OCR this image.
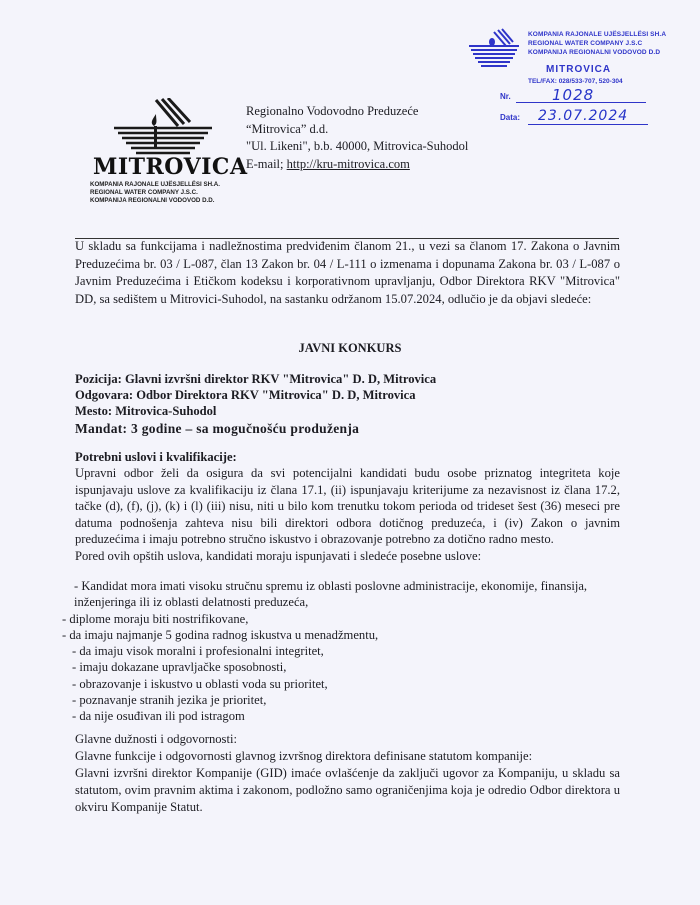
KOMPANIA RAJONALE UJËSJELLËSI SH.A
REGIONAL WATER COMPANY J.S.C
KOMPANIJA REGIONALNI VODOVOD D.D
MITROVICA
TEL/FAX: 028/533-707, 520-304
Nr.	1028
Data: 23.07.2024
MITROVICA
KOMPANIA RAJONALE UJËSJELLËSI SH.A.
REGIONAL WATER COMPANY J.S.C.
KOMPANIJA REGIONALNI VODOVOD D.D.
Regionalno Vodovodno Preduzeće
“Mitrovica” d.d.
"Ul. Likeni", b.b. 40000, Mitrovica-Suhodol
E-mail; http://kru-mitrovica.com
U skladu sa funkcijama i nadležnostima predviđenim članom 21., u vezi sa članom 17. Zakona o Javnim Preduzećima br. 03 / L-087, član 13 Zakon br. 04 / L-111 o izmenama i dopunama Zakona br. 03 / L-087 o Javnim Preduzećima i Etičkom kodeksu i korporativnom upravljanju, Odbor Direktora RKV "Mitrovica" DD, sa sedištem u Mitrovici-Suhodol, na sastanku održanom 15.07.2024, odlučio je da objavi sledeće:
JAVNI KONKURS
Pozicija: Glavni izvršni direktor RKV "Mitrovica" D. D, Mitrovica
Odgovara: Odbor Direktora RKV "Mitrovica" D. D, Mitrovica
Mesto: Mitrovica-Suhodol
Mandat: 3 godine – sa mogučnošću produženja
Potrebni uslovi i kvalifikacije:
Upravni odbor želi da osigura da svi potencijalni kandidati budu osobe priznatog integriteta koje ispunjavaju uslove za kvalifikaciju iz člana 17.1, (ii) ispunjavaju kriterijume za nezavisnost iz člana 17.2, tačke (d), (f), (j), (k) i (l) (iii) nisu, niti u bilo kom trenutku tokom perioda od trideset šest (36) meseci pre datuma podnošenja zahteva nisu bili direktori odbora dotičnog preduzeća, i (iv) Zakon o javnim preduzećima i imaju potrebno stručno iskustvo i obrazovanje potrebno za dotično radno mesto.
Pored ovih opštih uslova, kandidati moraju ispunjavati i sledeće posebne uslove:
- Kandidat mora imati visoku stručnu spremu iz oblasti poslovne administracije, ekonomije, finansija,
inženjeringa ili iz oblasti delatnosti preduzeća,
- diplome moraju biti nostrifikovane,
- da imaju najmanje 5 godina radnog iskustva u menadžmentu,
- da imaju visok moralni i profesionalni integritet,
- imaju dokazane upravljačke sposobnosti,
- obrazovanje i iskustvo u oblasti voda su prioritet,
- poznavanje stranih jezika je prioritet,
- da nije osuđivan ili pod istragom
Glavne dužnosti i odgovornosti:
Glavne funkcije i odgovornosti glavnog izvršnog direktora definisane statutom kompanije:
Glavni izvršni direktor Kompanije (GID) imaće ovlašćenje da zaključi ugovor za Kompaniju, u skladu sa statutom, ovim pravnim aktima i zakonom, podložno samo ograničenjima koja je odredio Odbor direktora u okviru Kompanije Statut.
